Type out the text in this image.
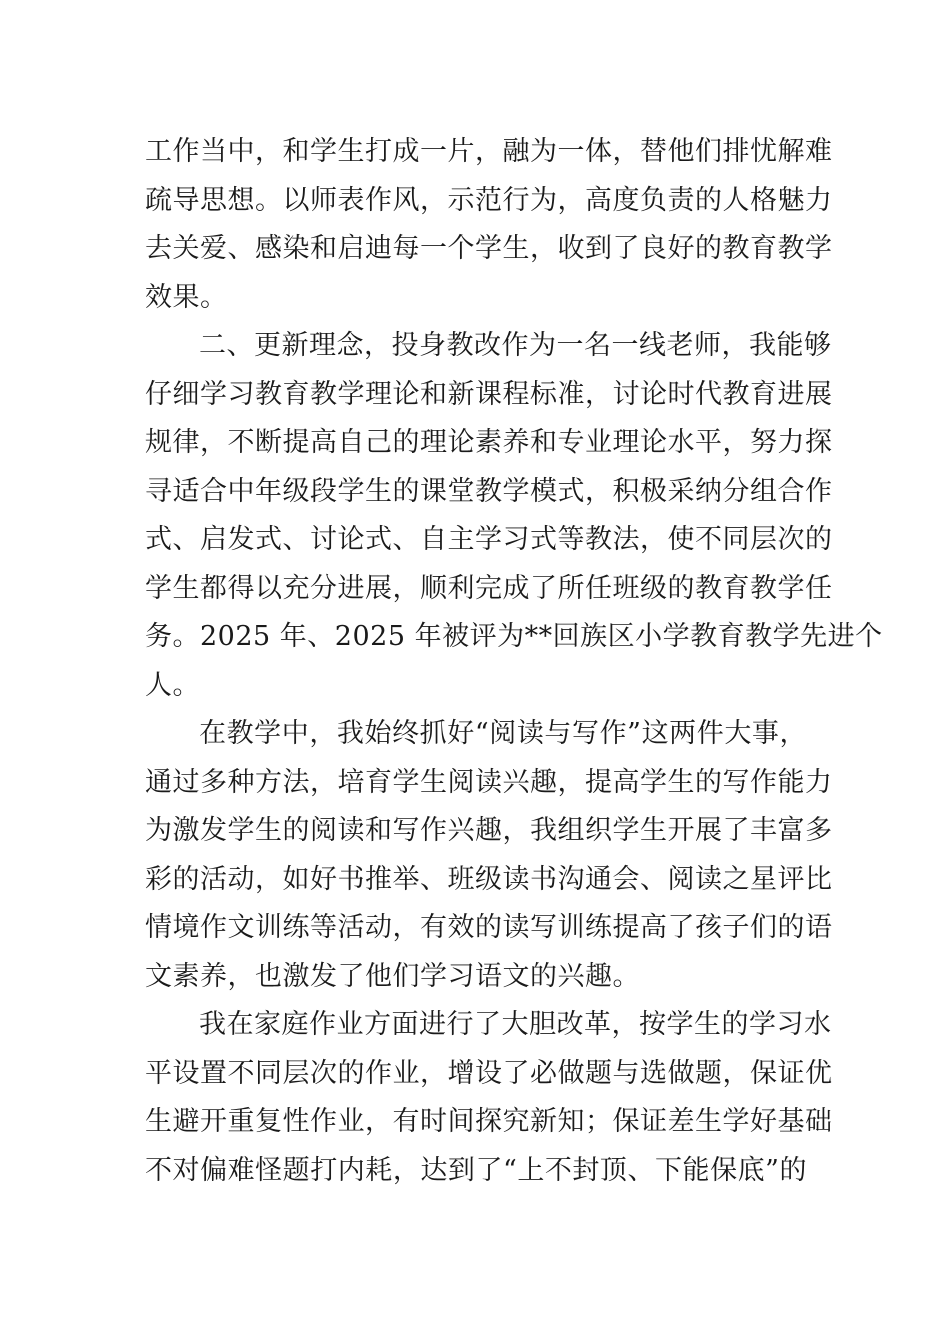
工作当中，和学生打成一片，融为一体，替他们排忧解难
疏导思想。以师表作风，示范行为，高度负责的人格魅力
去关爱、感染和启迪每一个学生，收到了良好的教育教学
效果。
二、更新理念，投身教改作为一名一线老师，我能够
仔细学习教育教学理论和新课程标准，讨论时代教育进展
规律，不断提高自己的理论素养和专业理论水平，努力探
寻适合中年级段学生的课堂教学模式，积极采纳分组合作
式、启发式、讨论式、自主学习式等教法，使不同层次的
学生都得以充分进展，顺利完成了所任班级的教育教学任
务。2025 年、2025 年被评为**回族区小学教育教学先进个
人。
在教学中，我始终抓好“阅读与写作”这两件大事，
通过多种方法，培育学生阅读兴趣，提高学生的写作能力
为激发学生的阅读和写作兴趣，我组织学生开展了丰富多
彩的活动，如好书推举、班级读书沟通会、阅读之星评比
情境作文训练等活动，有效的读写训练提高了孩子们的语
文素养，也激发了他们学习语文的兴趣。
我在家庭作业方面进行了大胆改革，按学生的学习水
平设置不同层次的作业，增设了必做题与选做题，保证优
生避开重复性作业，有时间探究新知；保证差生学好基础
不对偏难怪题打内耗，达到了“上不封顶、下能保底”的
